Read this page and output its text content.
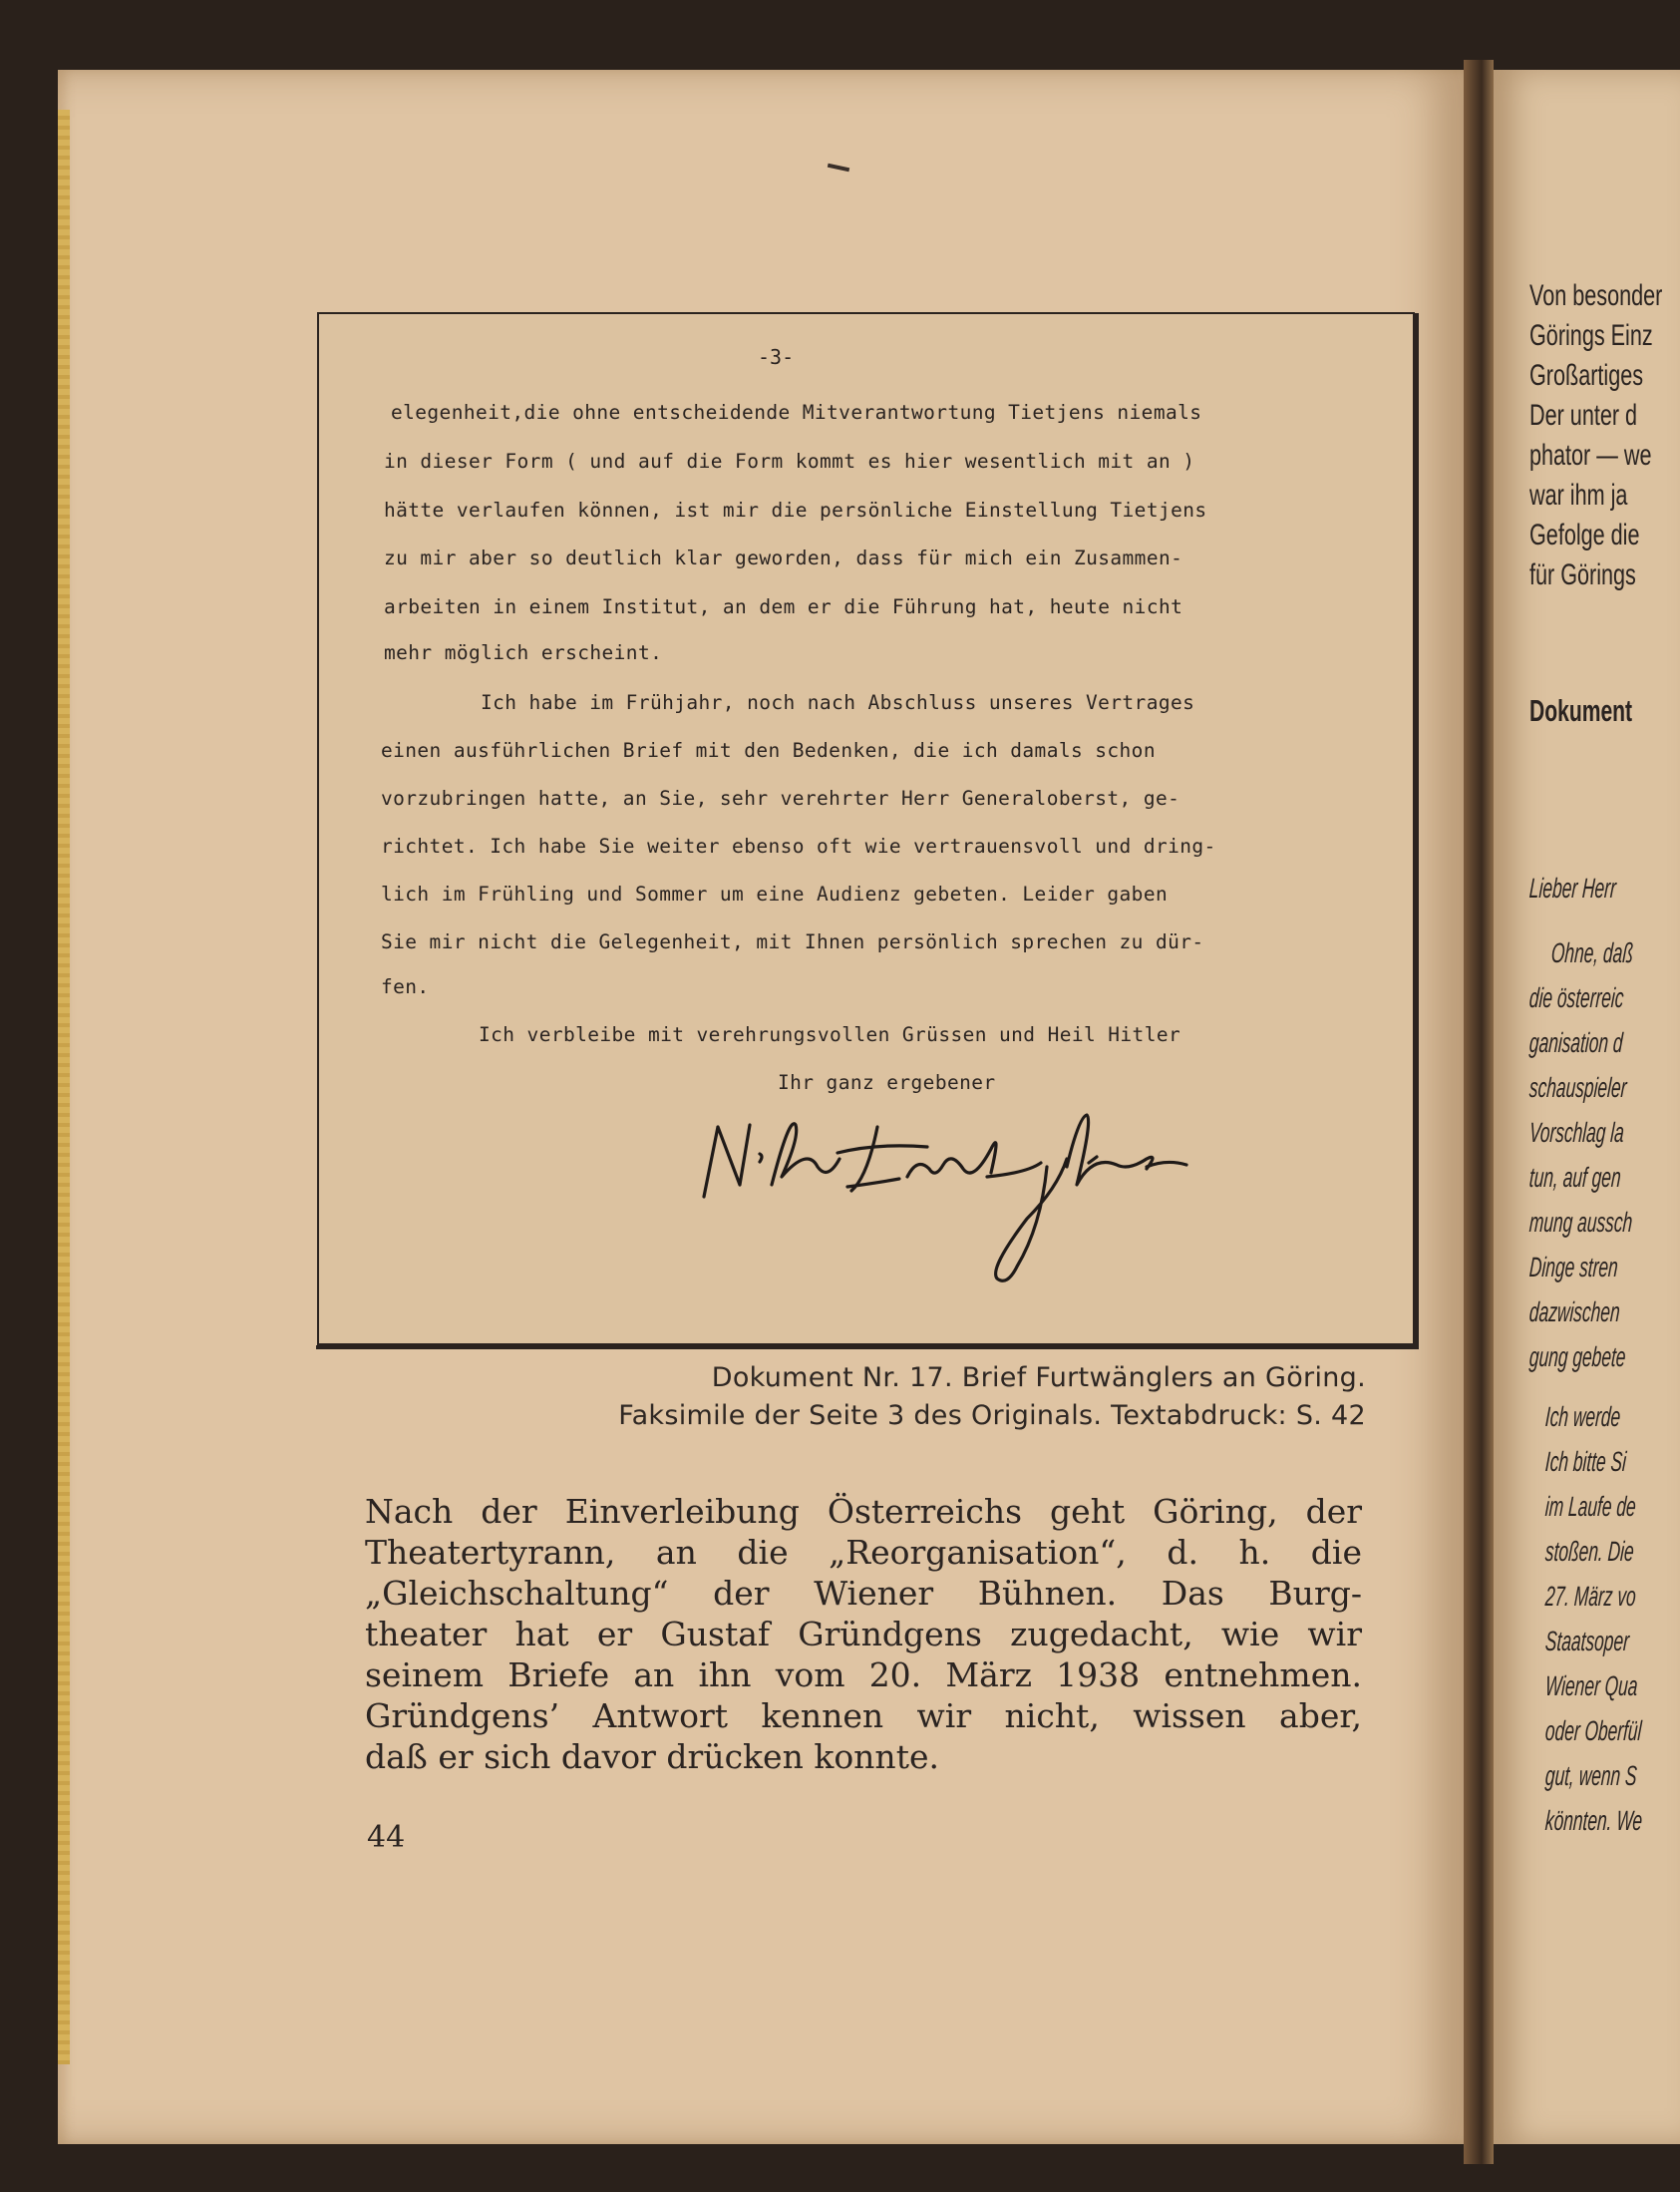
Von besonder
Görings Einz
Großartiges
Der unter d
phator — we
war ihm ja
Gefolge die
für Görings
Dokument
Lieber Herr
Ohne, daß
die österreic
ganisation d
schauspieler
Vorschlag la
tun, auf gen
mung aussch
Dinge stren
dazwischen
gung gebete
Ich werde
Ich bitte Si
im Laufe de
stoßen. Die
27. März vo
Staatsoper
Wiener Qua
oder Oberfül
gut, wenn S
könnten. We
-3-
elegenheit,die ohne entscheidende Mitverantwortung Tietjens niemals
in dieser Form ( und auf die Form kommt es hier wesentlich mit an )
hätte verlaufen können, ist mir die persönliche Einstellung Tietjens
zu mir aber so deutlich klar geworden, dass für mich ein Zusammen-
arbeiten in einem Institut, an dem er die Führung hat, heute nicht
mehr möglich erscheint.
Ich habe im Frühjahr, noch nach Abschluss unseres Vertrages
einen ausführlichen Brief mit den Bedenken, die ich damals schon
vorzubringen hatte, an Sie, sehr verehrter Herr Generaloberst, ge-
richtet. Ich habe Sie weiter ebenso oft wie vertrauensvoll und dring-
lich im Frühling und Sommer um eine Audienz gebeten. Leider gaben
Sie mir nicht die Gelegenheit, mit Ihnen persönlich sprechen zu dür-
fen.
Ich verbleibe mit verehrungsvollen Grüssen und Heil Hitler
Ihr ganz ergebener
Dokument Nr. 17. Brief Furtwänglers an Göring.
Faksimile der Seite 3 des Originals. Textabdruck: S. 42
Nach der Einverleibung Österreichs geht Göring, der
Theatertyrann, an die „Reorganisation“, d. h. die
„Gleichschaltung“ der Wiener Bühnen. Das Burg-
theater hat er Gustaf Gründgens zugedacht, wie wir
seinem Briefe an ihn vom 20. März 1938 entnehmen.
Gründgens’ Antwort kennen wir nicht, wissen aber,
daß er sich davor drücken konnte.
44
